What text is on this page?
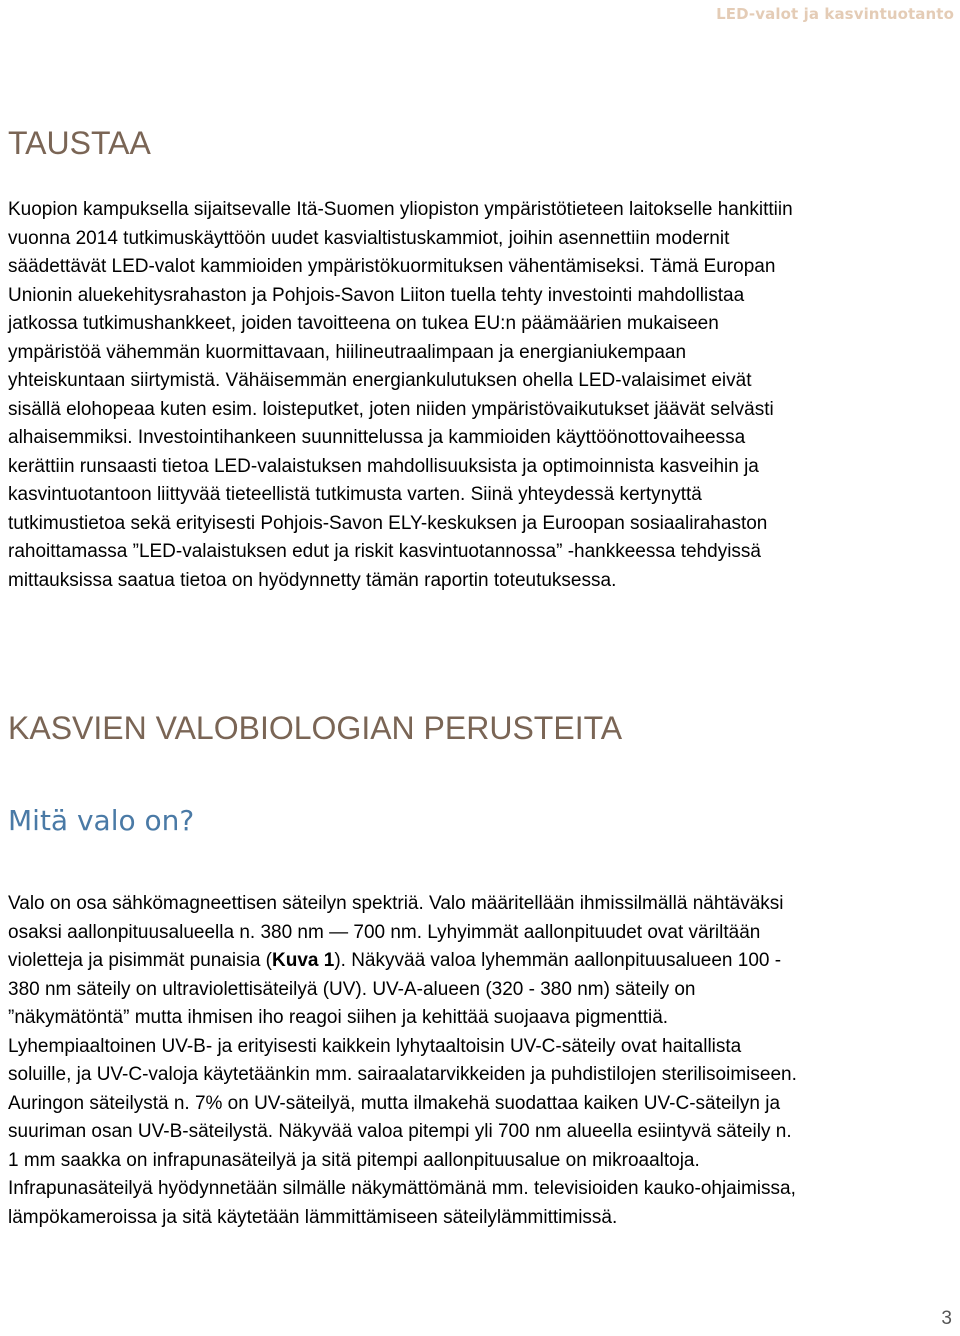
LED-valot ja kasvintuotanto
TAUSTAA

Kuopion kampuksella sijaitsevalle Itä-Suomen yliopiston ympäristötieteen laitokselle hankittiin
vuonna 2014 tutkimuskäyttöön uudet kasvialtistuskammiot, joihin asennettiin modernit
säädettävät LED-valot kammioiden ympäristökuormituksen vähentämiseksi. Tämä Europan
Unionin aluekehitysrahaston ja Pohjois-Savon Liiton tuella tehty investointi mahdollistaa
jatkossa tutkimushankkeet, joiden tavoitteena on tukea EU:n päämäärien mukaiseen
ympäristöä vähemmän kuormittavaan, hiilineutraalimpaan ja energianiukempaan
yhteiskuntaan siirtymistä. Vähäisemmän energiankulutuksen ohella LED-valaisimet eivät
sisällä elohopeaa kuten esim. loisteputket, joten niiden ympäristövaikutukset jäävät selvästi
alhaisemmiksi. Investointihankeen suunnittelussa ja kammioiden käyttöönottovaiheessa
kerättiin runsaasti tietoa LED-valaistuksen mahdollisuuksista ja optimoinnista kasveihin ja
kasvintuotantoon liittyvää tieteellistä tutkimusta varten. Siinä yhteydessä kertynyttä
tutkimustietoa sekä erityisesti Pohjois-Savon ELY-keskuksen ja Euroopan sosiaalirahaston
rahoittamassa ”LED-valaistuksen edut ja riskit kasvintuotannossa” -hankkeessa tehdyissä
mittauksissa saatua tietoa on hyödynnetty tämän raportin toteutuksessa.

KASVIEN VALOBIOLOGIAN PERUSTEITA
Mitä valo on?

Valo on osa sähkömagneettisen säteilyn spektriä. Valo määritellään ihmissilmällä nähtäväksi
osaksi aallonpituusalueella n. 380 nm — 700 nm. Lyhyimmät aallonpituudet ovat väriltään
violetteja ja pisimmät punaisia (Kuva 1). Näkyvää valoa lyhemmän aallonpituusalueen 100 -
380 nm säteily on ultraviolettisäteilyä (UV). UV-A-alueen (320 - 380 nm) säteily on
”näkymätöntä” mutta ihmisen iho reagoi siihen ja kehittää suojaava pigmenttiä.
Lyhempiaaltoinen UV-B- ja erityisesti kaikkein lyhytaaltoisin UV-C-säteily ovat haitallista
soluille, ja UV-C-valoja käytetäänkin mm. sairaalatarvikkeiden ja puhdistilojen sterilisoimiseen.
Auringon säteilystä n. 7% on UV-säteilyä, mutta ilmakehä suodattaa kaiken UV-C-säteilyn ja
suuriman osan UV-B-säteilystä. Näkyvää valoa pitempi yli 700 nm alueella esiintyvä säteily n.
1 mm saakka on infrapunasäteilyä ja sitä pitempi aallonpituusalue on mikroaaltoja.
Infrapunasäteilyä hyödynnetään silmälle näkymättömänä mm. televisioiden kauko-ohjaimissa,
lämpökameroissa ja sitä käytetään lämmittämiseen säteilylämmittimissä.

3
